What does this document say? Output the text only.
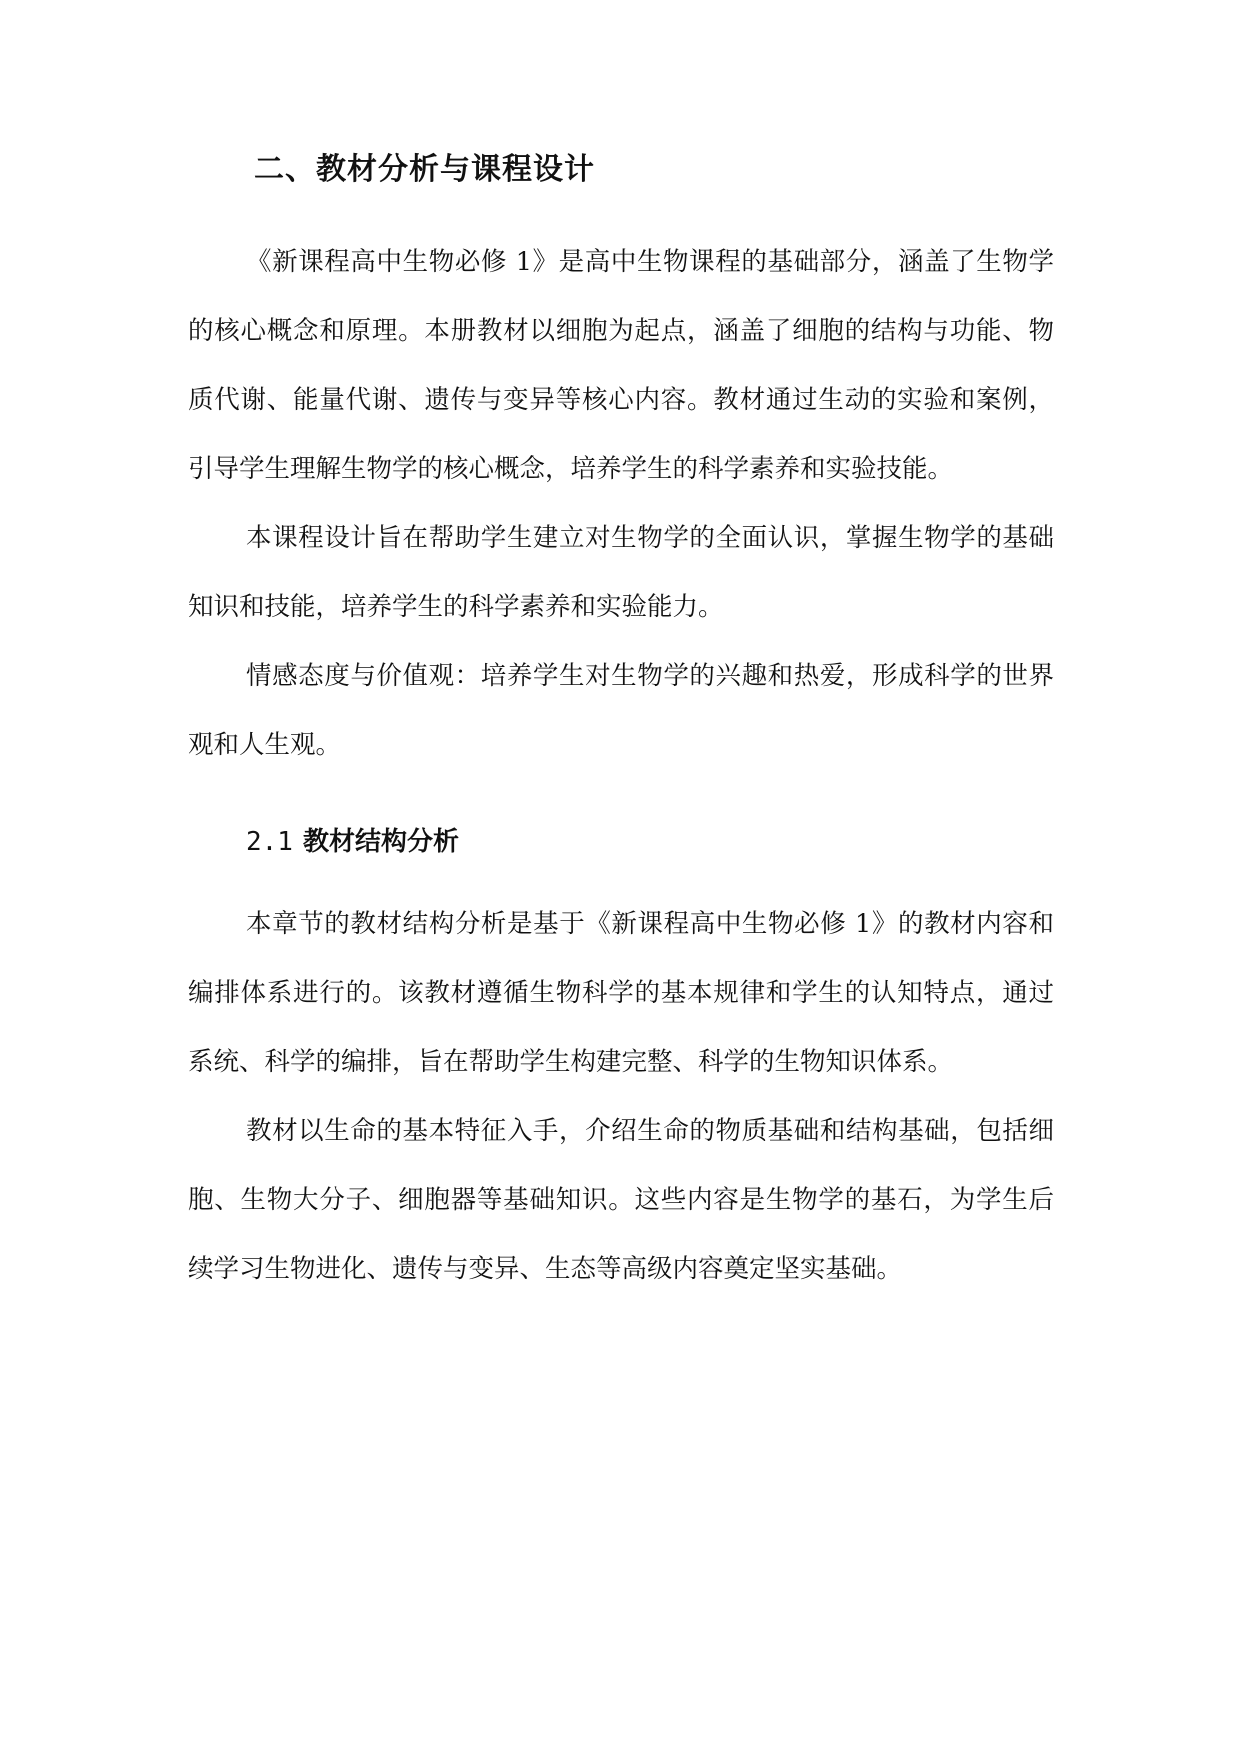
二、教材分析与课程设计

《新课程高中生物必修 1》是高中生物课程的基础部分，涵盖了生物学的核心概念和原理。本册教材以细胞为起点，涵盖了细胞的结构与功能、物质代谢、能量代谢、遗传与变异等核心内容。教材通过生动的实验和案例，引导学生理解生物学的核心概念，培养学生的科学素养和实验技能。

本课程设计旨在帮助学生建立对生物学的全面认识，掌握生物学的基础知识和技能，培养学生的科学素养和实验能力。

情感态度与价值观：培养学生对生物学的兴趣和热爱，形成科学的世界观和人生观。

2.1 教材结构分析

本章节的教材结构分析是基于《新课程高中生物必修 1》的教材内容和编排体系进行的。该教材遵循生物科学的基本规律和学生的认知特点，通过系统、科学的编排，旨在帮助学生构建完整、科学的生物知识体系。

教材以生命的基本特征入手，介绍生命的物质基础和结构基础，包括细胞、生物大分子、细胞器等基础知识。这些内容是生物学的基石，为学生后续学习生物进化、遗传与变异、生态等高级内容奠定坚实基础。
